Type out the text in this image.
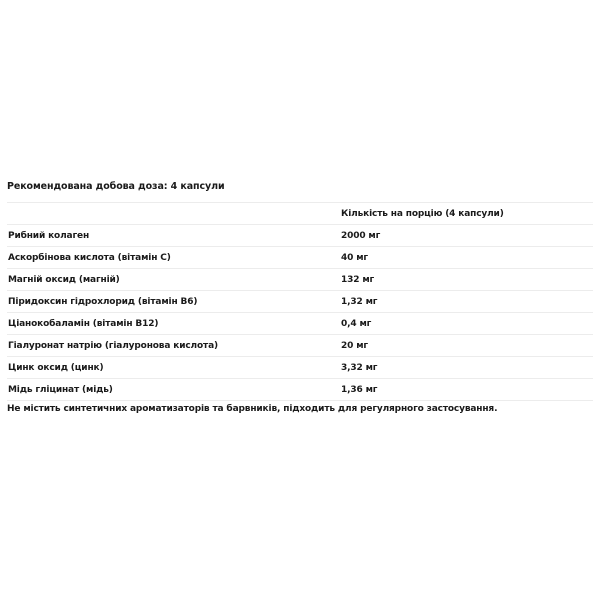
Рекомендована добова доза: 4 капсули
Кількість на порцію (4 капсули)
Рибний колаген	2000 мг
Аскорбінова кислота (вітамін С)	40 мг
Магній оксид (магній)	132 мг
Піридоксин гідрохлорид (вітамін В6)	1,32 мг
Ціанокобаламін (вітамін В12)	0,4 мг
Гіалуронат натрію (гіалуронова кислота)	20 мг
Цинк оксид (цинк)	3,32 мг
Мідь гліцинат (мідь)	1,36 мг
Не містить синтетичних ароматизаторів та барвників, підходить для регулярного застосування.
